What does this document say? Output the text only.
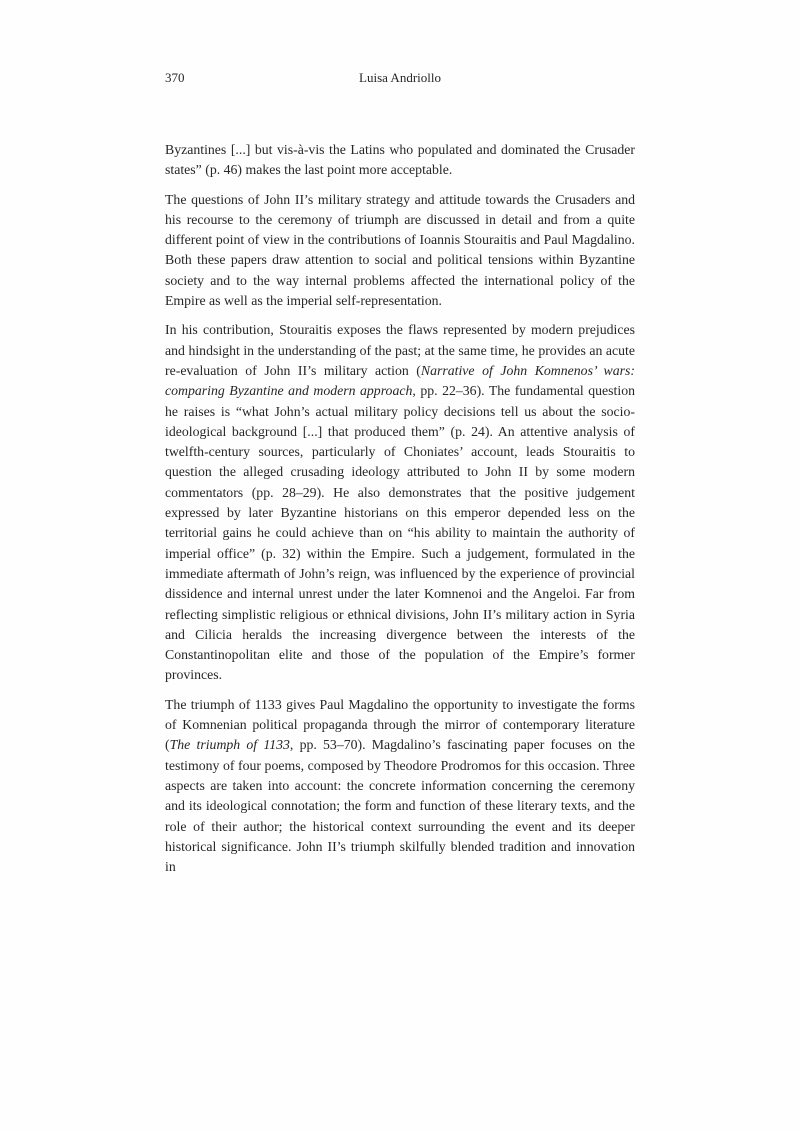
370	Luisa Andriollo

Byzantines [...] but vis-à-vis the Latins who populated and dominated the Crusader states” (p. 46) makes the last point more acceptable.

The questions of John II’s military strategy and attitude towards the Crusaders and his recourse to the ceremony of triumph are discussed in detail and from a quite different point of view in the contributions of Ioannis Stouraitis and Paul Magdalino. Both these papers draw attention to social and political tensions within Byzantine society and to the way internal problems affected the international policy of the Empire as well as the imperial self-representation.

In his contribution, Stouraitis exposes the flaws represented by modern prejudices and hindsight in the understanding of the past; at the same time, he provides an acute re-evaluation of John II’s military action (Narrative of John Komnenos’ wars: comparing Byzantine and modern approach, pp. 22–36). The fundamental question he raises is “what John’s actual military policy decisions tell us about the socio-ideological background [...] that produced them” (p. 24). An attentive analysis of twelfth-century sources, particularly of Choniates’ account, leads Stouraitis to question the alleged crusading ideology attributed to John II by some modern commentators (pp. 28–29). He also demonstrates that the positive judgement expressed by later Byzantine historians on this emperor depended less on the territorial gains he could achieve than on “his ability to maintain the authority of imperial office” (p. 32) within the Empire. Such a judgement, formulated in the immediate aftermath of John’s reign, was influenced by the experience of provincial dissidence and internal unrest under the later Komnenoi and the Angeloi. Far from reflecting simplistic religious or ethnical divisions, John II’s military action in Syria and Cilicia heralds the increasing divergence between the interests of the Constantinopolitan elite and those of the population of the Empire’s former provinces.

The triumph of 1133 gives Paul Magdalino the opportunity to investigate the forms of Komnenian political propaganda through the mirror of contemporary literature (The triumph of 1133, pp. 53–70). Magdalino’s fascinating paper focuses on the testimony of four poems, composed by Theodore Prodromos for this occasion. Three aspects are taken into account: the concrete information concerning the ceremony and its ideological connotation; the form and function of these literary texts, and the role of their author; the historical context surrounding the event and its deeper historical significance. John II’s triumph skilfully blended tradition and innovation in
